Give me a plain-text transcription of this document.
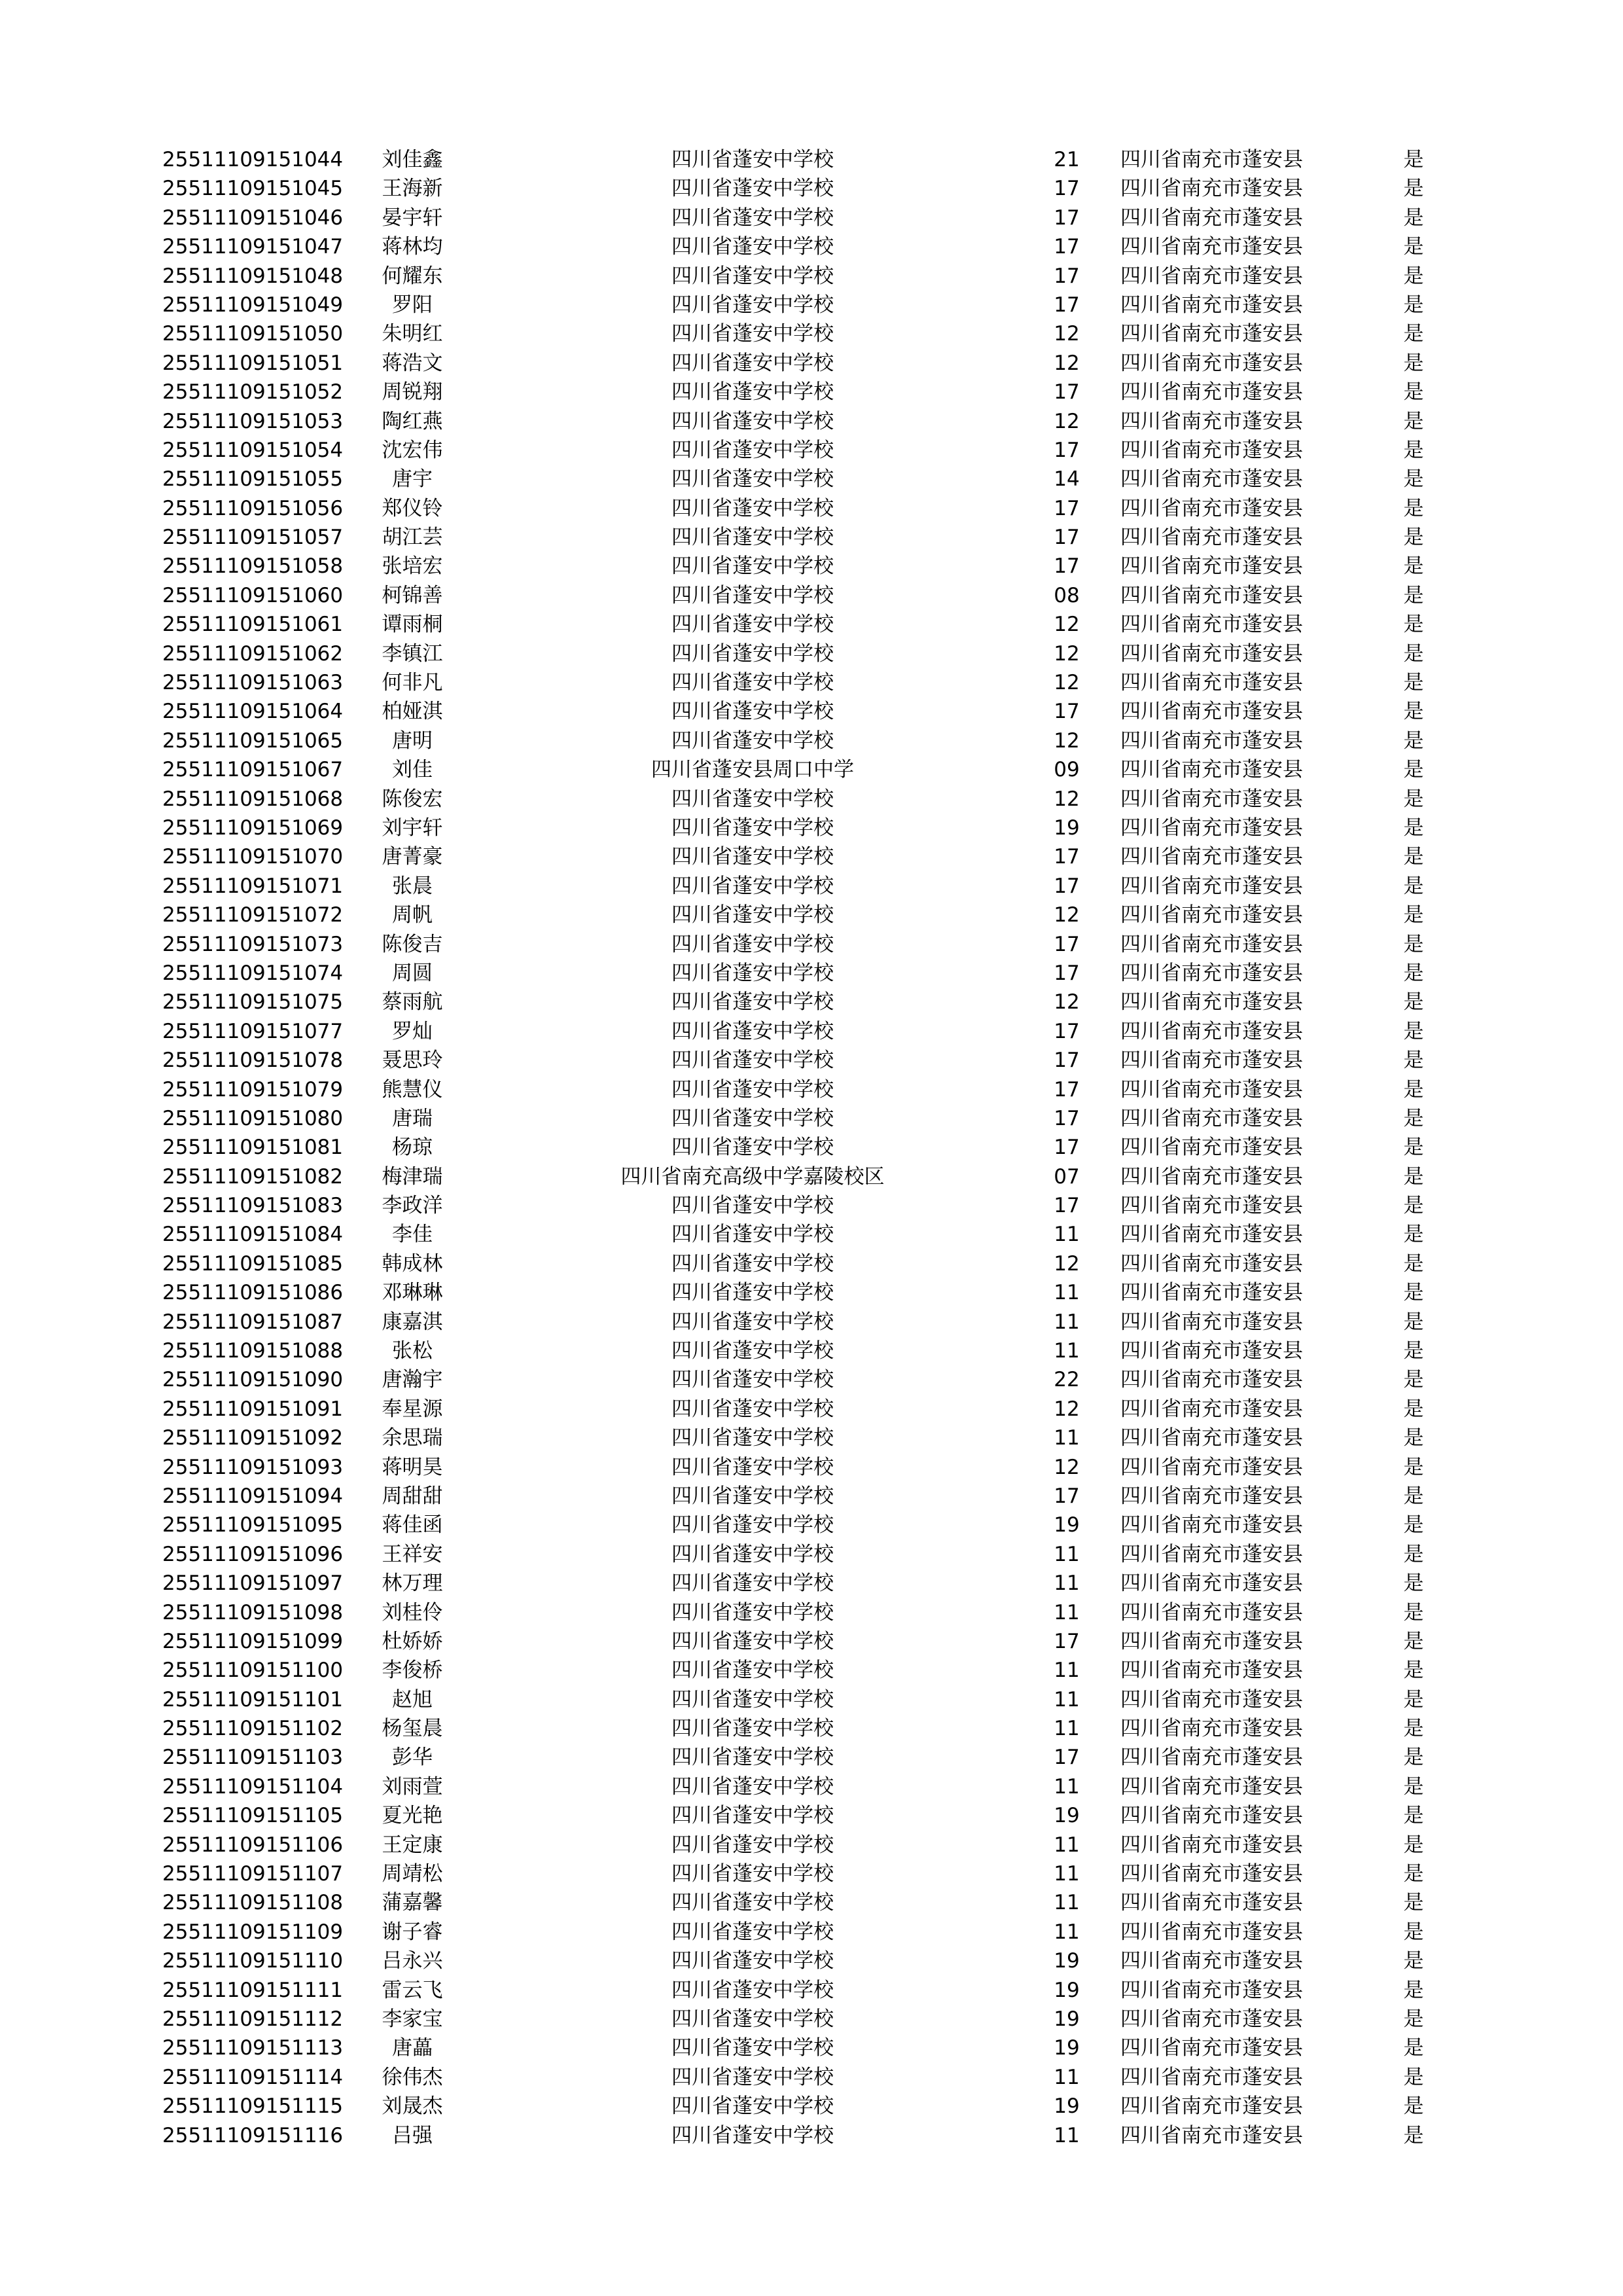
25511109151044	刘佳鑫	四川省蓬安中学校	21	四川省南充市蓬安县	是
25511109151045	王海新	四川省蓬安中学校	17	四川省南充市蓬安县	是
25511109151046	晏宇轩	四川省蓬安中学校	17	四川省南充市蓬安县	是
25511109151047	蒋林均	四川省蓬安中学校	17	四川省南充市蓬安县	是
25511109151048	何耀东	四川省蓬安中学校	17	四川省南充市蓬安县	是
25511109151049	罗阳	四川省蓬安中学校	17	四川省南充市蓬安县	是
25511109151050	朱明红	四川省蓬安中学校	12	四川省南充市蓬安县	是
25511109151051	蒋浩文	四川省蓬安中学校	12	四川省南充市蓬安县	是
25511109151052	周锐翔	四川省蓬安中学校	17	四川省南充市蓬安县	是
25511109151053	陶红燕	四川省蓬安中学校	12	四川省南充市蓬安县	是
25511109151054	沈宏伟	四川省蓬安中学校	17	四川省南充市蓬安县	是
25511109151055	唐宇	四川省蓬安中学校	14	四川省南充市蓬安县	是
25511109151056	郑仪铃	四川省蓬安中学校	17	四川省南充市蓬安县	是
25511109151057	胡江芸	四川省蓬安中学校	17	四川省南充市蓬安县	是
25511109151058	张培宏	四川省蓬安中学校	17	四川省南充市蓬安县	是
25511109151060	柯锦善	四川省蓬安中学校	08	四川省南充市蓬安县	是
25511109151061	谭雨桐	四川省蓬安中学校	12	四川省南充市蓬安县	是
25511109151062	李镇江	四川省蓬安中学校	12	四川省南充市蓬安县	是
25511109151063	何非凡	四川省蓬安中学校	12	四川省南充市蓬安县	是
25511109151064	柏娅淇	四川省蓬安中学校	17	四川省南充市蓬安县	是
25511109151065	唐明	四川省蓬安中学校	12	四川省南充市蓬安县	是
25511109151067	刘佳	四川省蓬安县周口中学	09	四川省南充市蓬安县	是
25511109151068	陈俊宏	四川省蓬安中学校	12	四川省南充市蓬安县	是
25511109151069	刘宇轩	四川省蓬安中学校	19	四川省南充市蓬安县	是
25511109151070	唐菁豪	四川省蓬安中学校	17	四川省南充市蓬安县	是
25511109151071	张晨	四川省蓬安中学校	17	四川省南充市蓬安县	是
25511109151072	周帆	四川省蓬安中学校	12	四川省南充市蓬安县	是
25511109151073	陈俊吉	四川省蓬安中学校	17	四川省南充市蓬安县	是
25511109151074	周圆	四川省蓬安中学校	17	四川省南充市蓬安县	是
25511109151075	蔡雨航	四川省蓬安中学校	12	四川省南充市蓬安县	是
25511109151077	罗灿	四川省蓬安中学校	17	四川省南充市蓬安县	是
25511109151078	聂思玲	四川省蓬安中学校	17	四川省南充市蓬安县	是
25511109151079	熊慧仪	四川省蓬安中学校	17	四川省南充市蓬安县	是
25511109151080	唐瑞	四川省蓬安中学校	17	四川省南充市蓬安县	是
25511109151081	杨琼	四川省蓬安中学校	17	四川省南充市蓬安县	是
25511109151082	梅津瑞	四川省南充高级中学嘉陵校区	07	四川省南充市蓬安县	是
25511109151083	李政洋	四川省蓬安中学校	17	四川省南充市蓬安县	是
25511109151084	李佳	四川省蓬安中学校	11	四川省南充市蓬安县	是
25511109151085	韩成林	四川省蓬安中学校	12	四川省南充市蓬安县	是
25511109151086	邓琳琳	四川省蓬安中学校	11	四川省南充市蓬安县	是
25511109151087	康嘉淇	四川省蓬安中学校	11	四川省南充市蓬安县	是
25511109151088	张松	四川省蓬安中学校	11	四川省南充市蓬安县	是
25511109151090	唐瀚宇	四川省蓬安中学校	22	四川省南充市蓬安县	是
25511109151091	奉星源	四川省蓬安中学校	12	四川省南充市蓬安县	是
25511109151092	余思瑞	四川省蓬安中学校	11	四川省南充市蓬安县	是
25511109151093	蒋明昊	四川省蓬安中学校	12	四川省南充市蓬安县	是
25511109151094	周甜甜	四川省蓬安中学校	17	四川省南充市蓬安县	是
25511109151095	蒋佳函	四川省蓬安中学校	19	四川省南充市蓬安县	是
25511109151096	王祥安	四川省蓬安中学校	11	四川省南充市蓬安县	是
25511109151097	林万理	四川省蓬安中学校	11	四川省南充市蓬安县	是
25511109151098	刘桂伶	四川省蓬安中学校	11	四川省南充市蓬安县	是
25511109151099	杜娇娇	四川省蓬安中学校	17	四川省南充市蓬安县	是
25511109151100	李俊桥	四川省蓬安中学校	11	四川省南充市蓬安县	是
25511109151101	赵旭	四川省蓬安中学校	11	四川省南充市蓬安县	是
25511109151102	杨玺晨	四川省蓬安中学校	11	四川省南充市蓬安县	是
25511109151103	彭华	四川省蓬安中学校	17	四川省南充市蓬安县	是
25511109151104	刘雨萱	四川省蓬安中学校	11	四川省南充市蓬安县	是
25511109151105	夏光艳	四川省蓬安中学校	19	四川省南充市蓬安县	是
25511109151106	王定康	四川省蓬安中学校	11	四川省南充市蓬安县	是
25511109151107	周靖松	四川省蓬安中学校	11	四川省南充市蓬安县	是
25511109151108	蒲嘉馨	四川省蓬安中学校	11	四川省南充市蓬安县	是
25511109151109	谢子睿	四川省蓬安中学校	11	四川省南充市蓬安县	是
25511109151110	吕永兴	四川省蓬安中学校	19	四川省南充市蓬安县	是
25511109151111	雷云飞	四川省蓬安中学校	19	四川省南充市蓬安县	是
25511109151112	李家宝	四川省蓬安中学校	19	四川省南充市蓬安县	是
25511109151113	唐藟	四川省蓬安中学校	19	四川省南充市蓬安县	是
25511109151114	徐伟杰	四川省蓬安中学校	11	四川省南充市蓬安县	是
25511109151115	刘晟杰	四川省蓬安中学校	19	四川省南充市蓬安县	是
25511109151116	吕强	四川省蓬安中学校	11	四川省南充市蓬安县	是
